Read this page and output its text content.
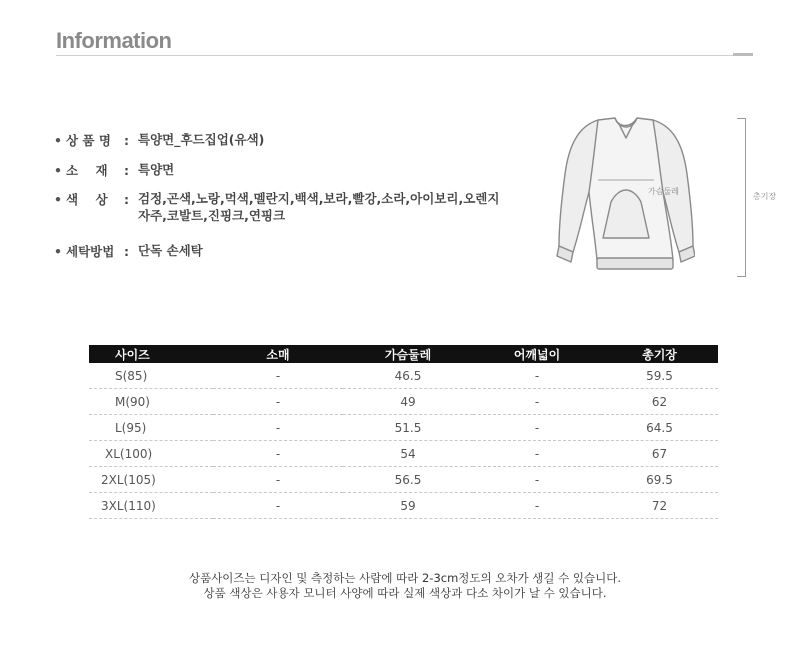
Information
• 상 품 명 : 특양면_후드집업(유색)
• 소    재 : 특양면
• 색    상 : 검정,곤색,노랑,먹색,멜란지,백색,보라,빨강,소라,아이보리,오렌지
자주,코발트,진핑크,연핑크
• 세탁방법 : 단독 손세탁
가슴둘레
총기장
사이즈	소매	가슴둘레	어깨넓이	총기장
S(85)	-	46.5	-	59.5
M(90)	-	49	-	62
L(95)	-	51.5	-	64.5
XL(100)	-	54	-	67
2XL(105)	-	56.5	-	69.5
3XL(110)	-	59	-	72
상품사이즈는 디자인 및 측정하는 사람에 따라 2-3cm정도의 오차가 생길 수 있습니다.
상품 색상은 사용자 모니터 사양에 따라 실제 색상과 다소 차이가 날 수 있습니다.
